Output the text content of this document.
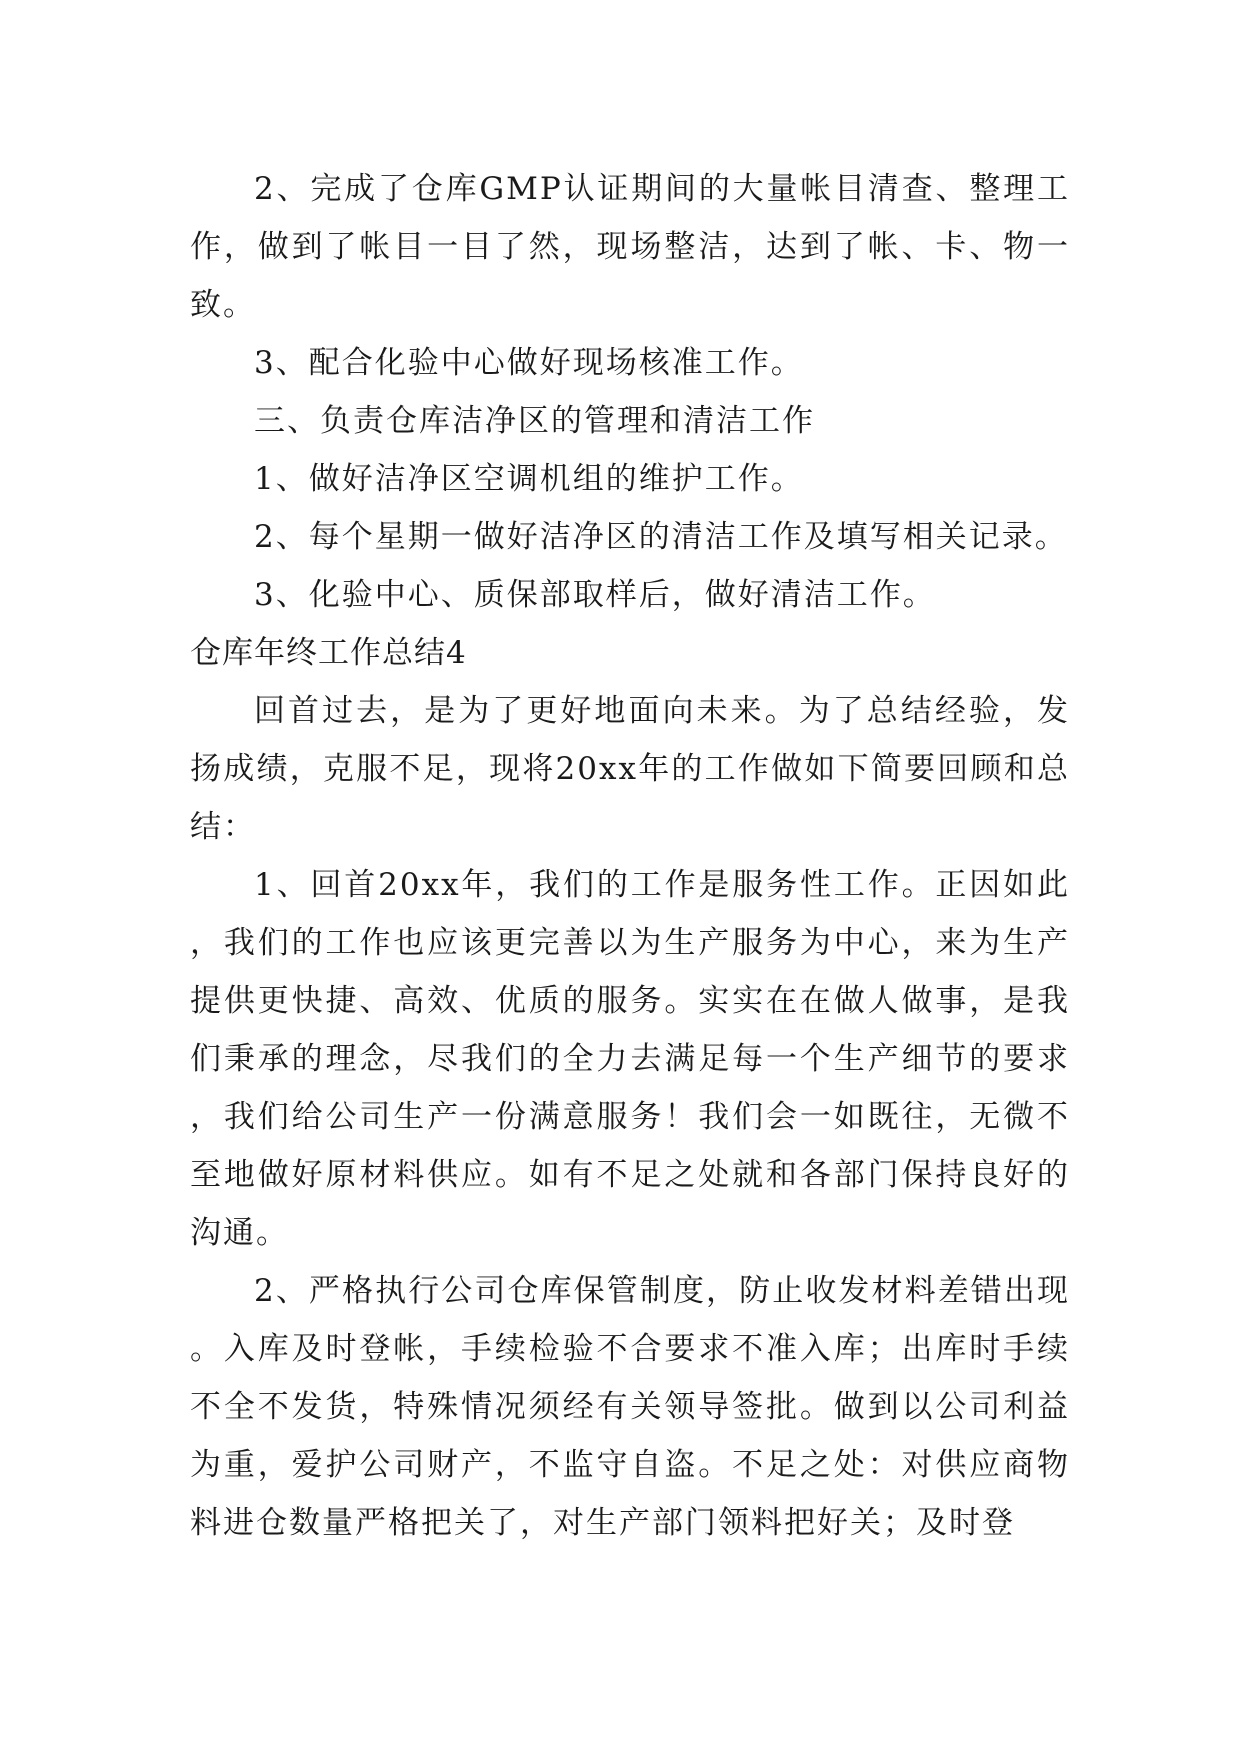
2、完成了仓库GMP认证期间的大量帐目清查、整理工作，做到了帐目一目了然，现场整洁，达到了帐、卡、物一致。

3、配合化验中心做好现场核准工作。

三、负责仓库洁净区的管理和清洁工作

1、做好洁净区空调机组的维护工作。

2、每个星期一做好洁净区的清洁工作及填写相关记录。

3、化验中心、质保部取样后，做好清洁工作。

仓库年终工作总结4

回首过去，是为了更好地面向未来。为了总结经验，发扬成绩，克服不足，现将20xx年的工作做如下简要回顾和总结：

1、回首20xx年，我们的工作是服务性工作。正因如此，我们的工作也应该更完善以为生产服务为中心，来为生产提供更快捷、高效、优质的服务。实实在在做人做事，是我们秉承的理念，尽我们的全力去满足每一个生产细节的要求，我们给公司生产一份满意服务！我们会一如既往，无微不至地做好原材料供应。如有不足之处就和各部门保持良好的沟通。

2、严格执行公司仓库保管制度，防止收发材料差错出现。入库及时登帐，手续检验不合要求不准入库；出库时手续不全不发货，特殊情况须经有关领导签批。做到以公司利益为重，爱护公司财产，不监守自盗。不足之处：对供应商物料进仓数量严格把关了，对生产部门领料把好关；及时登
